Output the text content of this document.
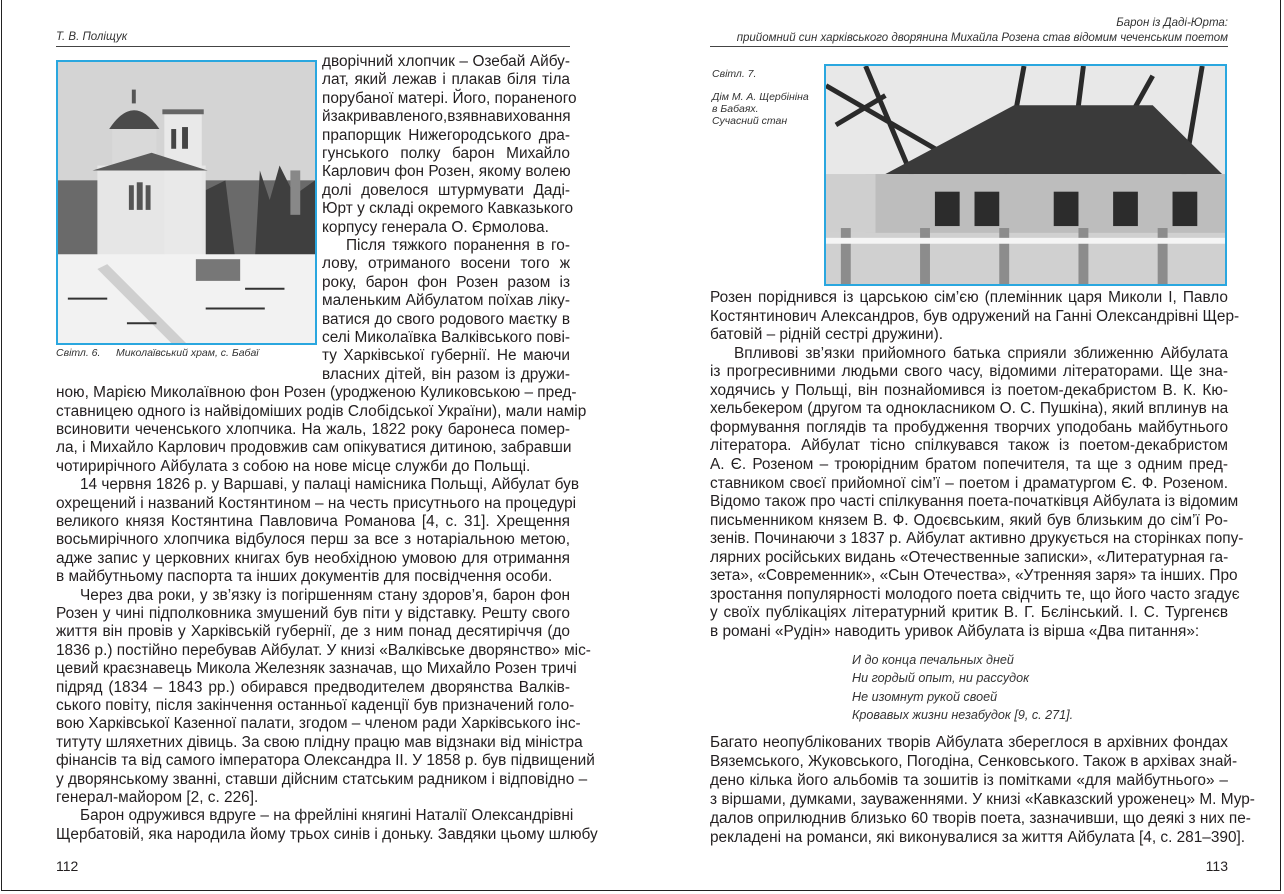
Т. В. Поліщук
Світл. 6. Миколаївський храм, с. Бабаї
дворічний хлопчик – Озебай Айбу-
лат, який лежав і плакав біля тіла
порубаної матері. Його, пораненого
йзакривавленого,взявнавиховання
прапорщик Нижегородського дра-
гунського полку барон Михайло
Карлович фон Розен, якому волею
долі довелося штурмувати Даді-
Юрт у складі окремого Кавказького
корпусу генерала О. Єрмолова.
Після тяжкого поранення в го-
лову, отриманого восени того ж
року, барон фон Розен разом із
маленьким Айбулатом поїхав ліку-
ватися до свого родового маєтку в
селі Миколаївка Валківського пові-
ту Харківської губернії. Не маючи
власних дітей, він разом із дружи-
ною, Марією Миколаївною фон Розен (уродженою Куликовською – пред-
ставницею одного із найвідоміших родів Слобідської України), мали намір
всиновити чеченського хлопчика. На жаль, 1822 року баронеса помер-
ла, і Михайло Карлович продовжив сам опікуватися дитиною, забравши
чотирирічного Айбулата з собою на нове місце служби до Польщі.
14 червня 1826 р. у Варшаві, у палаці намісника Польщі, Айбулат був
охрещений і названий Костянтином – на честь присутнього на процедурі
великого князя Костянтина Павловича Романова [4, с. 31]. Хрещення
восьмирічного хлопчика відбулося перш за все з нотаріальною метою,
адже запис у церковних книгах був необхідною умовою для отримання
в майбутньому паспорта та інших документів для посвідчення особи.
Через два роки, у зв’язку із погіршенням стану здоров’я, барон фон
Розен у чині підполковника змушений був піти у відставку. Решту свого
життя він провів у Харківській губернії, де з ним понад десятиріччя (до
1836 р.) постійно перебував Айбулат. У книзі «Валківське дворянство» міс-
цевий краєзнавець Микола Железняк зазначав, що Михайло Розен тричі
підряд (1834 – 1843 рр.) обирався предводителем дворянства Валків-
ського повіту, після закінчення останньої каденції був призначений голо-
вою Харківської Казенної палати, згодом – членом ради Харківського інс-
титуту шляхетних дівиць. За свою плідну працю мав відзнаки від міністра
фінансів та від самого імператора Олександра II. У 1858 р. був підвищений
у дворянському званні, ставши дійсним статським радником і відповідно –
генерал-майором [2, с. 226].
Барон одружився вдруге – на фрейліні княгині Наталії Олександрівні
Щербатовій, яка народила йому трьох синів і доньку. Завдяки цьому шлюбу
112
Барон із Даді-Юрта:
прийомний син харківського дворянина Михайла Розена став відомим чеченським поетом
Світл. 7.
Дім М. А. Щербініна
в Бабаях.
Сучасний стан
Розен поріднився із царською сім’єю (племінник царя Миколи І, Павло
Костянтинович Александров, був одружений на Ганні Олександрівні Щер-
батовій – рідній сестрі дружини).
Впливові зв’язки прийомного батька сприяли зближенню Айбулата
із прогресивними людьми свого часу, відомими літераторами. Ще зна-
ходячись у Польщі, він познайомився із поетом-декабристом В. К. Кю-
хельбекером (другом та однокласником О. С. Пушкіна), який вплинув на
формування поглядів та пробудження творчих уподобань майбутнього
літератора. Айбулат тісно спілкувався також із поетом-декабристом
А. Є. Розеном – троюрідним братом попечителя, та ще з одним пред-
ставником своєї прийомної сім’ї – поетом і драматургом Є. Ф. Розеном.
Відомо також про часті спілкування поета-початківця Айбулата із відомим
письменником князем В. Ф. Одоєвським, який був близьким до сім’ї Ро-
зенів. Починаючи з 1837 р. Айбулат активно друкується на сторінках попу-
лярних російських видань «Отечественные записки», «Литературная га-
зета», «Современник», «Сын Отечества», «Утренняя заря» та інших. Про
зростання популярності молодого поета свідчить те, що його часто згадує
у своїх публікаціях літературний критик В. Г. Бєлінський. І. С. Тургенєв
в романі «Рудін» наводить уривок Айбулата із вірша «Два питання»:
И до конца печальных дней
Ни гордый опыт, ни рассудок
Не изомнут рукой своей
Кровавых жизни незабудок [9, с. 271].
Багато неопублікованих творів Айбулата збереглося в архівних фондах
Вяземського, Жуковського, Погодіна, Сенковського. Також в архівах знай-
дено кілька його альбомів та зошитів із помітками «для майбутнього» –
з віршами, думками, зауваженнями. У книзі «Кавказский уроженец» М. Мур-
далов оприлюднив близько 60 творів поета, зазначивши, що деякі з них пе-
рекладені на романси, які виконувалися за життя Айбулата [4, с. 281–390].
113
